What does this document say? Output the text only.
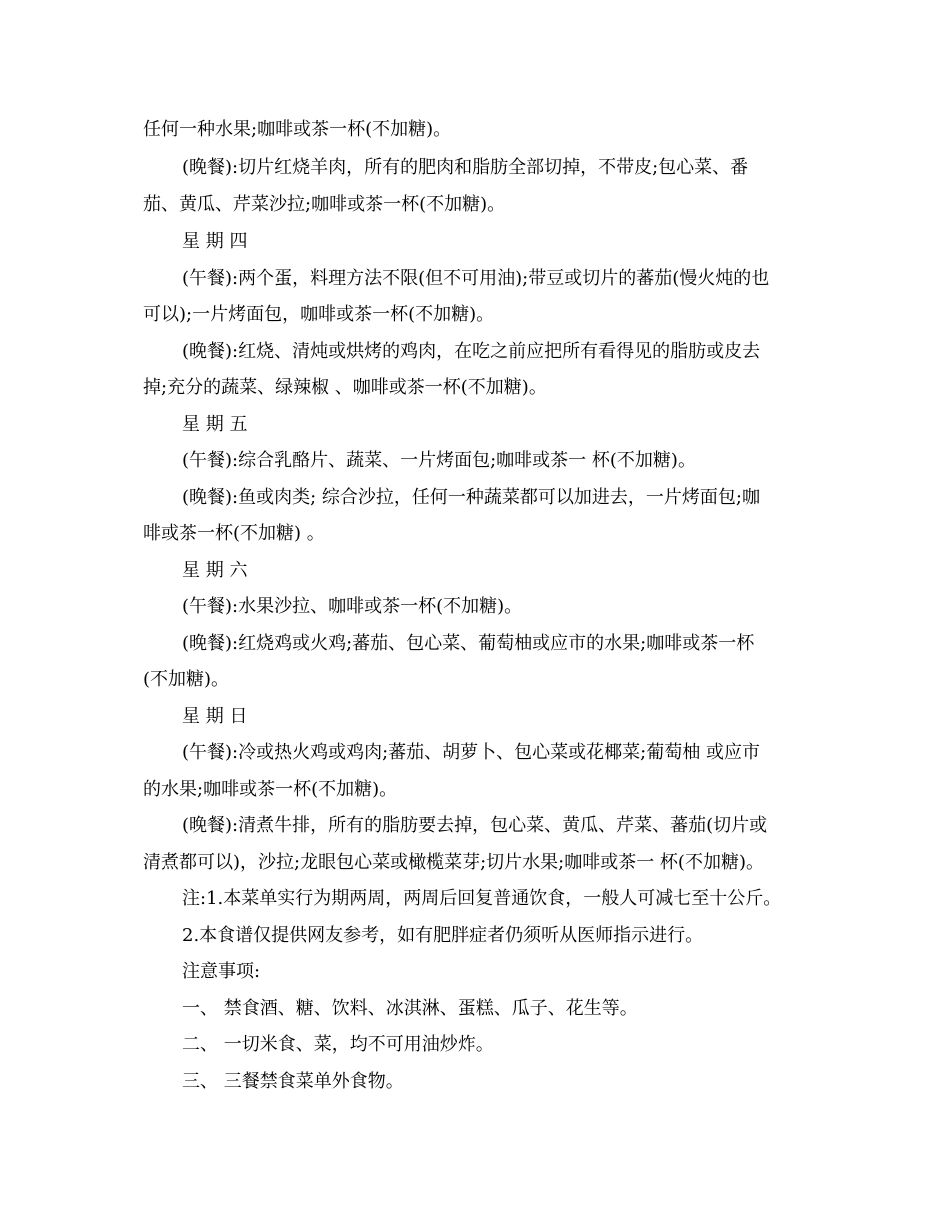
任何一种水果;咖啡或茶一杯(不加糖)。
(晚餐):切片红烧羊肉，所有的肥肉和脂肪全部切掉，不带皮;包心菜、番
茄、黄瓜、芹菜沙拉;咖啡或茶一杯(不加糖)。
星 期 四
(午餐):两个蛋，料理方法不限(但不可用油);带豆或切片的蕃茄(慢火炖的也
可以);一片烤面包，咖啡或茶一杯(不加糖)。
(晚餐):红烧、清炖或烘烤的鸡肉，在吃之前应把所有看得见的脂肪或皮去
掉;充分的蔬菜、绿辣椒 、咖啡或茶一杯(不加糖)。
星 期 五
(午餐):综合乳酪片、蔬菜、一片烤面包;咖啡或茶一 杯(不加糖)。
(晚餐):鱼或肉类; 综合沙拉，任何一种蔬菜都可以加进去，一片烤面包;咖
啡或茶一杯(不加糖) 。
星 期 六
(午餐):水果沙拉、咖啡或茶一杯(不加糖)。
(晚餐):红烧鸡或火鸡;蕃茄、包心菜、葡萄柚或应市的水果;咖啡或茶一杯
(不加糖)。
星 期 日
(午餐):冷或热火鸡或鸡肉;蕃茄、胡萝卜、包心菜或花椰菜;葡萄柚 或应市
的水果;咖啡或茶一杯(不加糖)。
(晚餐):清煮牛排，所有的脂肪要去掉，包心菜、黄瓜、芹菜、蕃茄(切片或
清煮都可以)，沙拉;龙眼包心菜或橄榄菜芽;切片水果;咖啡或茶一 杯(不加糖)。
注:1.本菜单实行为期两周，两周后回复普通饮食，一般人可减七至十公斤。
2.本食谱仅提供网友参考，如有肥胖症者仍须听从医师指示进行。
注意事项:
一、 禁食酒、糖、饮料、冰淇淋、蛋糕、瓜子、花生等。
二、 一切米食、菜，均不可用油炒炸。
三、 三餐禁食菜单外食物。
